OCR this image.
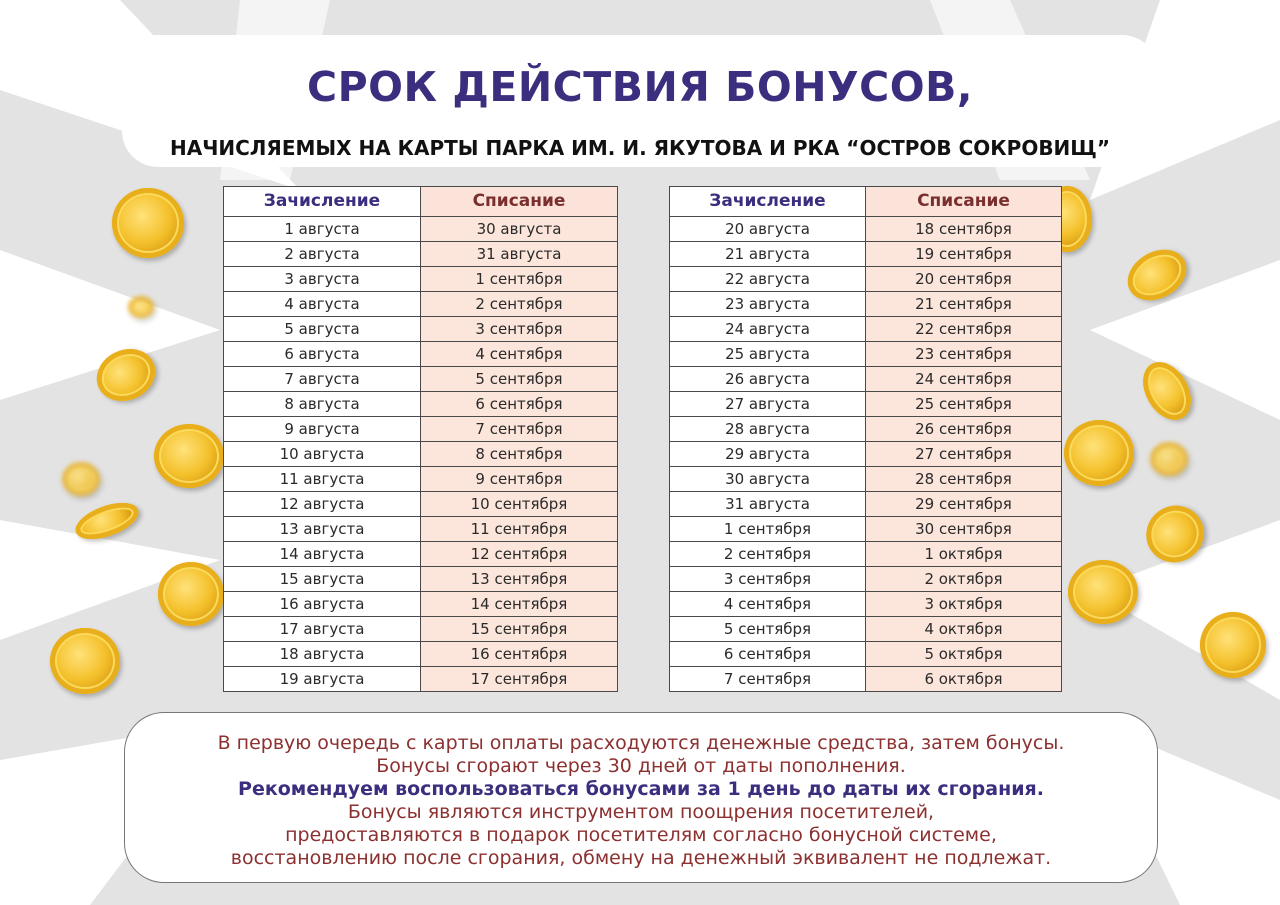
СРОК ДЕЙСТВИЯ БОНУСОВ,
НАЧИСЛЯЕМЫХ НА КАРТЫ ПАРКА ИМ. И. ЯКУТОВА И РКА “ОСТРОВ СОКРОВИЩ”
Зачисление	Списание
1 августа	30 августа
2 августа	31 августа
3 августа	1 сентября
4 августа	2 сентября
5 августа	3 сентября
6 августа	4 сентября
7 августа	5 сентября
8 августа	6 сентября
9 августа	7 сентября
10 августа	8 сентября
11 августа	9 сентября
12 августа	10 сентября
13 августа	11 сентября
14 августа	12 сентября
15 августа	13 сентября
16 августа	14 сентября
17 августа	15 сентября
18 августа	16 сентября
19 августа	17 сентября
Зачисление	Списание
20 августа	18 сентября
21 августа	19 сентября
22 августа	20 сентября
23 августа	21 сентября
24 августа	22 сентября
25 августа	23 сентября
26 августа	24 сентября
27 августа	25 сентября
28 августа	26 сентября
29 августа	27 сентября
30 августа	28 сентября
31 августа	29 сентября
1 сентября	30 сентября
2 сентября	1 октября
3 сентября	2 октября
4 сентября	3 октября
5 сентября	4 октября
6 сентября	5 октября
7 сентября	6 октября
В первую очередь с карты оплаты расходуются денежные средства, затем бонусы.
Бонусы сгорают через 30 дней от даты пополнения.
Рекомендуем воспользоваться бонусами за 1 день до даты их сгорания.
Бонусы являются инструментом поощрения посетителей,
предоставляются в подарок посетителям согласно бонусной системе,
восстановлению после сгорания, обмену на денежный эквивалент не подлежат.
